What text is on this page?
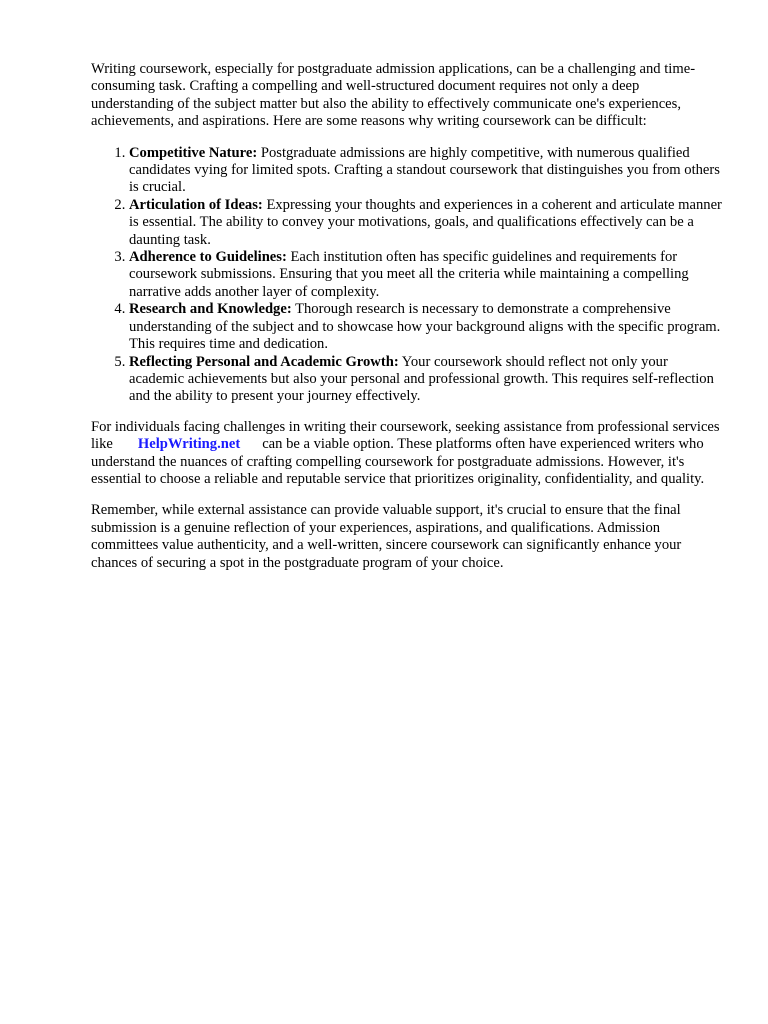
Writing coursework, especially for postgraduate admission applications, can be a challenging and time-consuming task. Crafting a compelling and well-structured document requires not only a deep understanding of the subject matter but also the ability to effectively communicate one's experiences, achievements, and aspirations. Here are some reasons why writing coursework can be difficult:

1. Competitive Nature: Postgraduate admissions are highly competitive, with numerous qualified candidates vying for limited spots. Crafting a standout coursework that distinguishes you from others is crucial.
2. Articulation of Ideas: Expressing your thoughts and experiences in a coherent and articulate manner is essential. The ability to convey your motivations, goals, and qualifications effectively can be a daunting task.
3. Adherence to Guidelines: Each institution often has specific guidelines and requirements for coursework submissions. Ensuring that you meet all the criteria while maintaining a compelling narrative adds another layer of complexity.
4. Research and Knowledge: Thorough research is necessary to demonstrate a comprehensive understanding of the subject and to showcase how your background aligns with the specific program. This requires time and dedication.
5. Reflecting Personal and Academic Growth: Your coursework should reflect not only your academic achievements but also your personal and professional growth. This requires self-reflection and the ability to present your journey effectively.

For individuals facing challenges in writing their coursework, seeking assistance from professional services like HelpWriting.net can be a viable option. These platforms often have experienced writers who understand the nuances of crafting compelling coursework for postgraduate admissions. However, it's essential to choose a reliable and reputable service that prioritizes originality, confidentiality, and quality.

Remember, while external assistance can provide valuable support, it's crucial to ensure that the final submission is a genuine reflection of your experiences, aspirations, and qualifications. Admission committees value authenticity, and a well-written, sincere coursework can significantly enhance your chances of securing a spot in the postgraduate program of your choice.
